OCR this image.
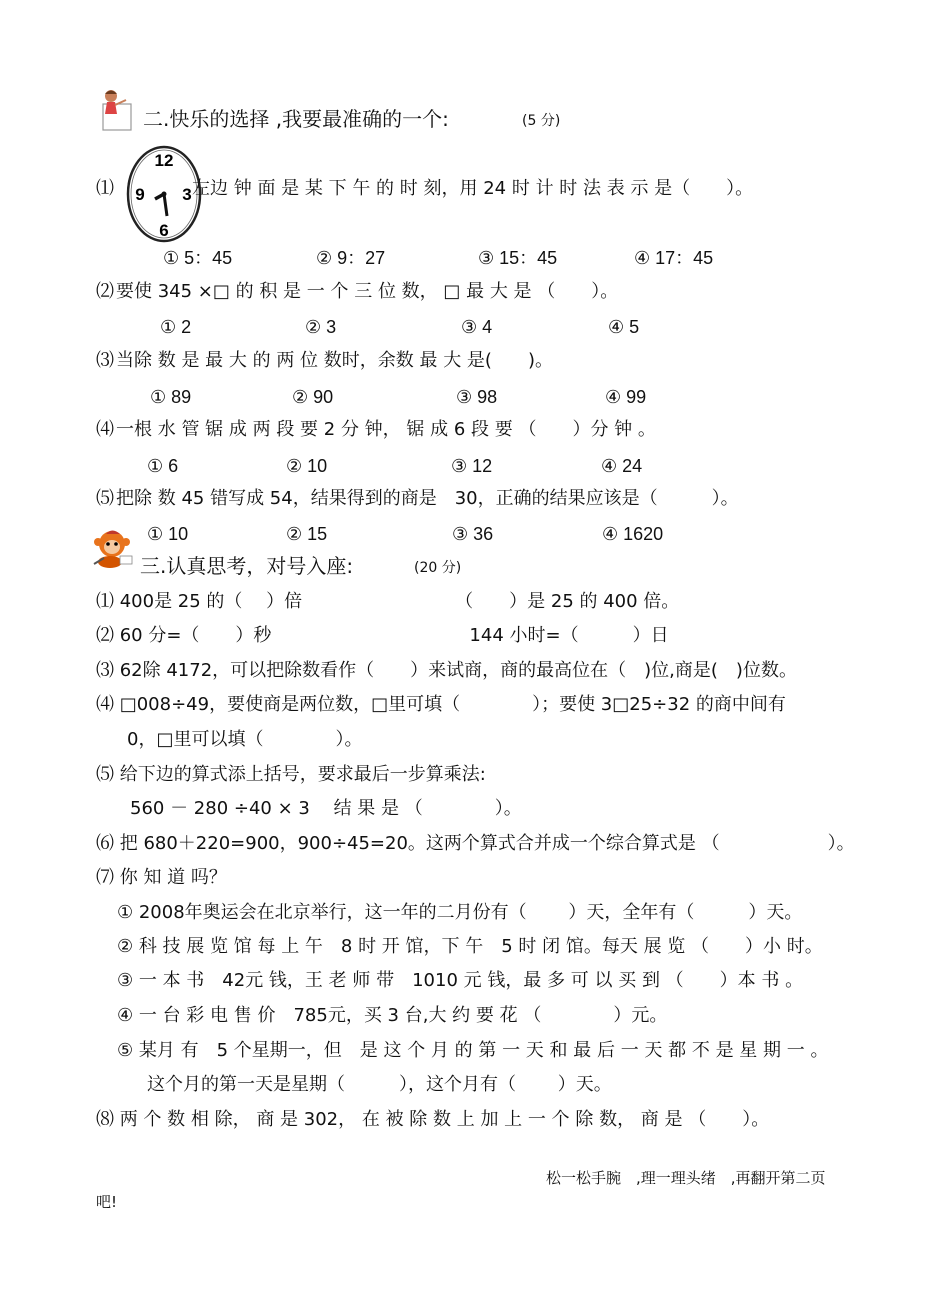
二.快乐的选择 ,我要最准确的一个:	(5 分)
⑴
12
3
6
9	左边 钟 面 是 某 下 午 的 时 刻，用 24 时 计 时 法 表 示 是（　　）。
① 5：45	② 9：27	③ 15：45	④ 17：45
⑵ 要使 345 ×□ 的 积 是 一 个 三 位 数， □ 最 大 是 （　　）。
① 2	② 3	③ 4	④ 5
⑶ 当除 数 是 最 大 的 两 位 数时，余数 最 大 是(　　)。
① 89	② 90	③ 98	④ 99
⑷ 一根 水 管 锯 成 两 段 要 2 分 钟， 锯 成 6 段 要 （　　）分 钟 。
① 6	② 10	③ 12	④ 24
⑸ 把除 数 45 错写成 54，结果得到的商是　30，正确的结果应该是（　　　）。
① 10	② 15	③ 36	④ 1620
三.认真思考，对号入座:	(20 分)
⑴ 400是 25 的（　 ）倍　　　　　　　　　（　　）是 25 的 400 倍。
⑵ 60 分=（　　）秒　　　　　　　　　　　144 小时=（　　　）日
⑶ 62除 4172，可以把除数看作（　　）来试商，商的最高位在（　)位,商是(　)位数。
⑷ □008÷49，要使商是两位数，□里可填（　　　　）；要使 3□25÷32 的商中间有
0，□里可以填（　　　　）。
⑸ 给下边的算式添上括号，要求最后一步算乘法:
560 － 280 ÷40 × 3　 结 果 是 （　　　　）。
⑹ 把 680＋220=900，900÷45=20。这两个算式合并成一个综合算式是 （　　　　　　）。
⑺ 你 知 道 吗？
① 2008年奥运会在北京举行，这一年的二月份有（　　 ）天，全年有（　　　）天。
② 科 技 展 览 馆 每 上 午　8 时 开 馆，下 午　5 时 闭 馆。每天 展 览 （　　）小 时。
③ 一 本 书　42元 钱，王 老 师 带　1010 元 钱，最 多 可 以 买 到 （　　）本 书 。
④ 一 台 彩 电 售 价　785元，买 3 台,大 约 要 花 （　　　　）元。
⑤ 某月 有　5 个星期一，但　是 这 个 月 的 第 一 天 和 最 后 一 天 都 不 是 星 期 一 。
这个月的第一天是星期（　　　），这个月有（　　 ）天。
⑻ 两 个 数 相 除， 商 是 302， 在 被 除 数 上 加 上 一 个 除 数， 商 是 （　　）。
松一松手腕　,理一理头绪　,再翻开第二页
吧!
